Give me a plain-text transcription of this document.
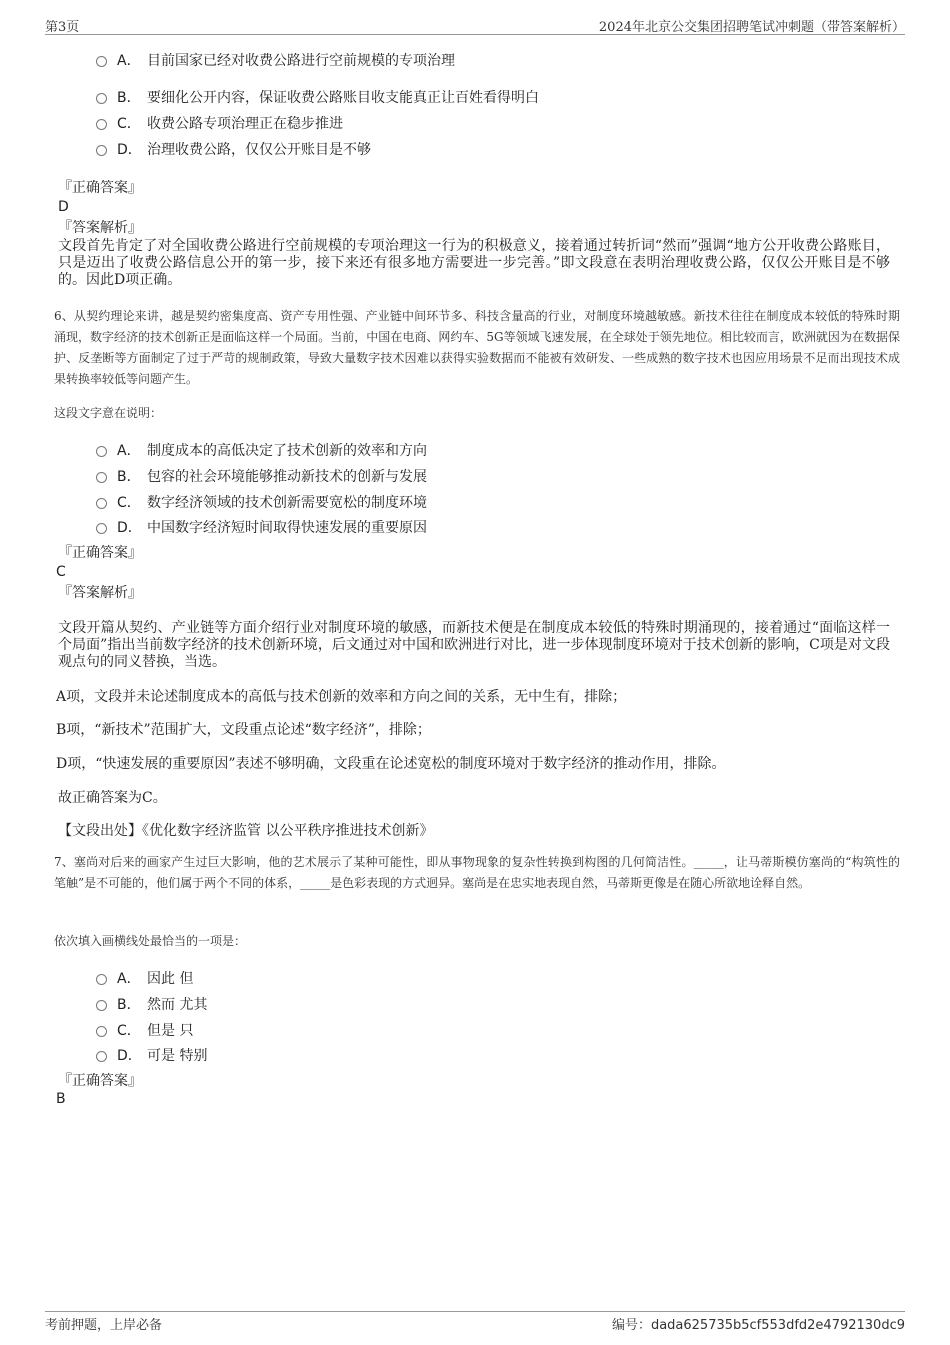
第3页	2024年北京公交集团招聘笔试冲刺题（带答案解析）
A． 目前国家已经对收费公路进行空前规模的专项治理
B． 要细化公开内容，保证收费公路账目收支能真正让百姓看得明白
C． 收费公路专项治理正在稳步推进
D． 治理收费公路，仅仅公开账目是不够
『正确答案』
D
『答案解析』
文段首先肯定了对全国收费公路进行空前规模的专项治理这一行为的积极意义，接着通过转折词“然而”强调“地方公开收费公路账目，只是迈出了收费公路信息公开的第一步，接下来还有很多地方需要进一步完善。”即文段意在表明治理收费公路，仅仅公开账目是不够的。因此D项正确。
6、从契约理论来讲，越是契约密集度高、资产专用性强、产业链中间环节多、科技含量高的行业，对制度环境越敏感。新技术往往在制度成本较低的特殊时期涌现，数字经济的技术创新正是面临这样一个局面。当前，中国在电商、网约车、5G等领域飞速发展，在全球处于领先地位。相比较而言，欧洲就因为在数据保护、反垄断等方面制定了过于严苛的规制政策，导致大量数字技术因难以获得实验数据而不能被有效研发、一些成熟的数字技术也因应用场景不足而出现技术成果转换率较低等问题产生。
这段文字意在说明：
A． 制度成本的高低决定了技术创新的效率和方向
B． 包容的社会环境能够推动新技术的创新与发展
C． 数字经济领域的技术创新需要宽松的制度环境
D． 中国数字经济短时间取得快速发展的重要原因
『正确答案』
C
『答案解析』
文段开篇从契约、产业链等方面介绍行业对制度环境的敏感，而新技术便是在制度成本较低的特殊时期涌现的，接着通过“面临这样一个局面”指出当前数字经济的技术创新环境，后文通过对中国和欧洲进行对比，进一步体现制度环境对于技术创新的影响，C项是对文段观点句的同义替换，当选。
A项，文段并未论述制度成本的高低与技术创新的效率和方向之间的关系，无中生有，排除；
B项，“新技术”范围扩大，文段重点论述“数字经济”，排除；
D项，“快速发展的重要原因”表述不够明确，文段重在论述宽松的制度环境对于数字经济的推动作用，排除。
故正确答案为C。
【文段出处】《优化数字经济监管 以公平秩序推进技术创新》
7、塞尚对后来的画家产生过巨大影响，他的艺术展示了某种可能性，即从事物现象的复杂性转换到构图的几何简洁性。_____，让马蒂斯模仿塞尚的“构筑性的笔触”是不可能的，他们属于两个不同的体系，_____是色彩表现的方式迥异。塞尚是在忠实地表现自然，马蒂斯更像是在随心所欲地诠释自然。
依次填入画横线处最恰当的一项是：
A． 因此 但
B． 然而 尤其
C． 但是 只
D． 可是 特别
『正确答案』
B
考前押题，上岸必备	编号：dada625735b5cf553dfd2e4792130dc9
